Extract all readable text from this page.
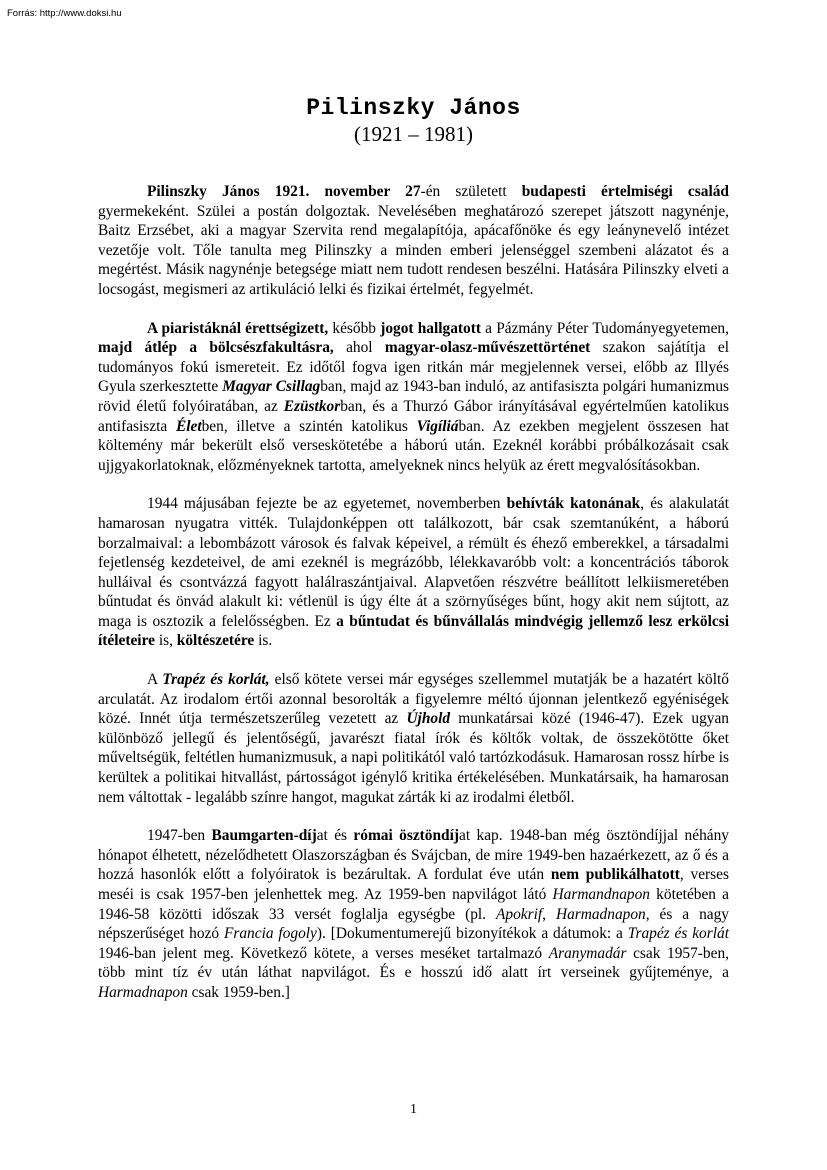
Forrás: http://www.doksi.hu
Pilinszky János
(1921 – 1981)

Pilinszky János 1921. november 27-én született budapesti értelmiségi család gyermekeként. Szülei a postán dolgoztak. Nevelésében meghatározó szerepet játszott nagynénje, Baitz Erzsébet, aki a magyar Szervita rend megalapítója, apácafőnöke és egy leánynevelő intézet vezetője volt. Tőle tanulta meg Pilinszky a minden emberi jelenséggel szembeni alázatot és a megértést. Másik nagynénje betegsége miatt nem tudott rendesen beszélni. Hatására Pilinszky elveti a locsogást, megismeri az artikuláció lelki és fizikai értelmét, fegyelmét.

A piaristáknál érettségizett, később jogot hallgatott a Pázmány Péter Tudományegyetemen, majd átlép a bölcsészfakultásra, ahol magyar-olasz-művészettörténet szakon sajátítja el tudományos fokú ismereteit. Ez időtől fogva igen ritkán már megjelennek versei, előbb az Illyés Gyula szerkesztette Magyar Csillagban, majd az 1943-ban induló, az antifasiszta polgári humanizmus rövid életű folyóiratában, az Ezüstkorban, és a Thurzó Gábor irányításával egyértelműen katolikus antifasiszta Életben, illetve a szintén katolikus Vigíliában. Az ezekben megjelent összesen hat költemény már bekerült első verseskötetébe a háború után. Ezeknél korábbi próbálkozásait csak ujjgyakorlatoknak, előzményeknek tartotta, amelyeknek nincs helyük az érett megvalósításokban.

1944 májusában fejezte be az egyetemet, novemberben behívták katonának, és alakulatát hamarosan nyugatra vitték. Tulajdonképpen ott találkozott, bár csak szemtanúként, a háború borzalmaival: a lebombázott városok és falvak képeivel, a rémült és éhező emberekkel, a társadalmi fejetlenség kezdeteivel, de ami ezeknél is megrázóbb, lélekkavaróbb volt: a koncentrációs táborok hulláival és csontvázzá fagyott halálraszántjaival. Alapvetően részvétre beállított lelkiismeretében bűntudat és önvád alakult ki: vétlenül is úgy élte át a szörnyűséges bűnt, hogy akit nem sújtott, az maga is osztozik a felelősségben. Ez a bűntudat és bűnvállalás mindvégig jellemző lesz erkölcsi ítéleteire is, költészetére is.

A Trapéz és korlát, első kötete versei már egységes szellemmel mutatják be a hazatért költő arculatát. Az irodalom értői azonnal besorolták a figyelemre méltó újonnan jelentkező egyéniségek közé. Innét útja természetszerűleg vezetett az Újhold munkatársai közé (1946-47). Ezek ugyan különböző jellegű és jelentőségű, javarészt fiatal írók és költők voltak, de összekötötte őket műveltségük, feltétlen humanizmusuk, a napi politikától való tartózkodásuk. Hamarosan rossz hírbe is kerültek a politikai hitvallást, pártosságot igénylő kritika értékelésében. Munkatársaik, ha hamarosan nem váltottak - legalább színre hangot, magukat zárták ki az irodalmi életből.

1947-ben Baumgarten-díjat és római ösztöndíjat kap. 1948-ban még ösztöndíjjal néhány hónapot élhetett, nézelődhetett Olaszországban és Svájcban, de mire 1949-ben hazaérkezett, az ő és a hozzá hasonlók előtt a folyóiratok is bezárultak. A fordulat éve után nem publikálhatott, verses meséi is csak 1957-ben jelenhettek meg. Az 1959-ben napvilágot látó Harmandnapon kötetében a 1946-58 közötti időszak 33 versét foglalja egységbe (pl. Apokrif, Harmadnapon, és a nagy népszerűséget hozó Francia fogoly). [Dokumentumerejű bizonyítékok a dátumok: a Trapéz és korlát 1946-ban jelent meg. Következő kötete, a verses meséket tartalmazó Aranymadár csak 1957-ben, több mint tíz év után láthat napvilágot. És e hosszú idő alatt írt verseinek gyűjteménye, a Harmadnapon csak 1959-ben.]

1
